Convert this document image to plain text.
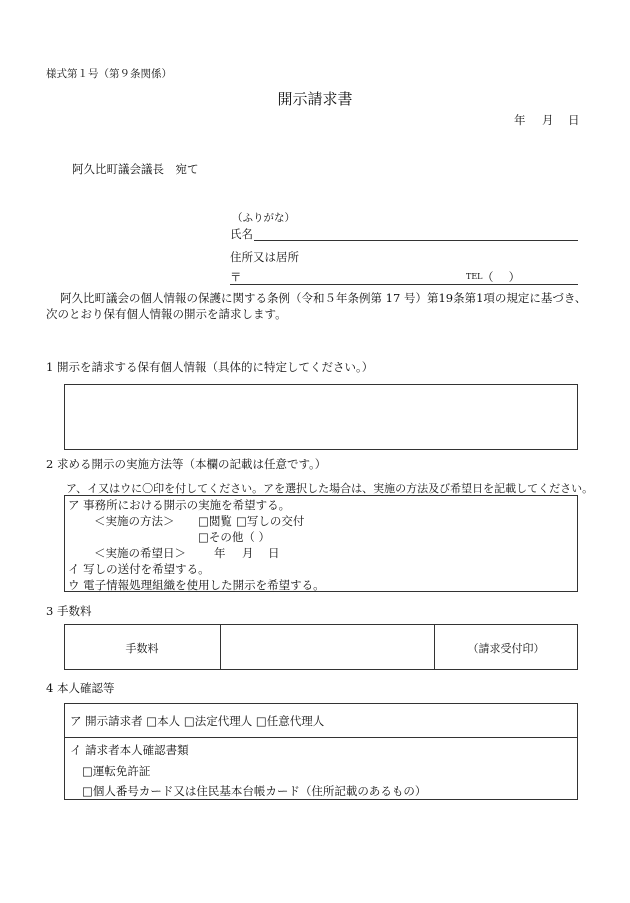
様式第１号（第９条関係）
開示請求書
年 月 日
阿久比町議会議長　宛て
（ふりがな）
氏名
住所又は居所
〒	TEL （　 ）
阿久比町議会の個人情報の保護に関する条例（令和５年条例第 17 号）第19条第1項の規定に基づき、
次のとおり保有個人情報の開示を請求します。
1 開示を請求する保有個人情報（具体的に特定してください。）
2 求める開示の実施方法等（本欄の記載は任意です。）
ア、イ又はウに〇印を付してください。アを選択した場合は、実施の方法及び希望日を記載してください。
ア 事務所における開示の実施を希望する。
＜実施の方法＞ □閲覧 □写しの交付
□その他（ ）
＜実施の希望日＞ 年 月 日
イ 写しの送付を希望する。
ウ 電子情報処理組織を使用した開示を希望する。
3 手数料
手数料	（請求受付印）
4 本人確認等
ア 開示請求者 □本人 □法定代理人 □任意代理人
イ 請求者本人確認書類
□運転免許証
□個人番号カード又は住民基本台帳カード（住所記載のあるもの）
